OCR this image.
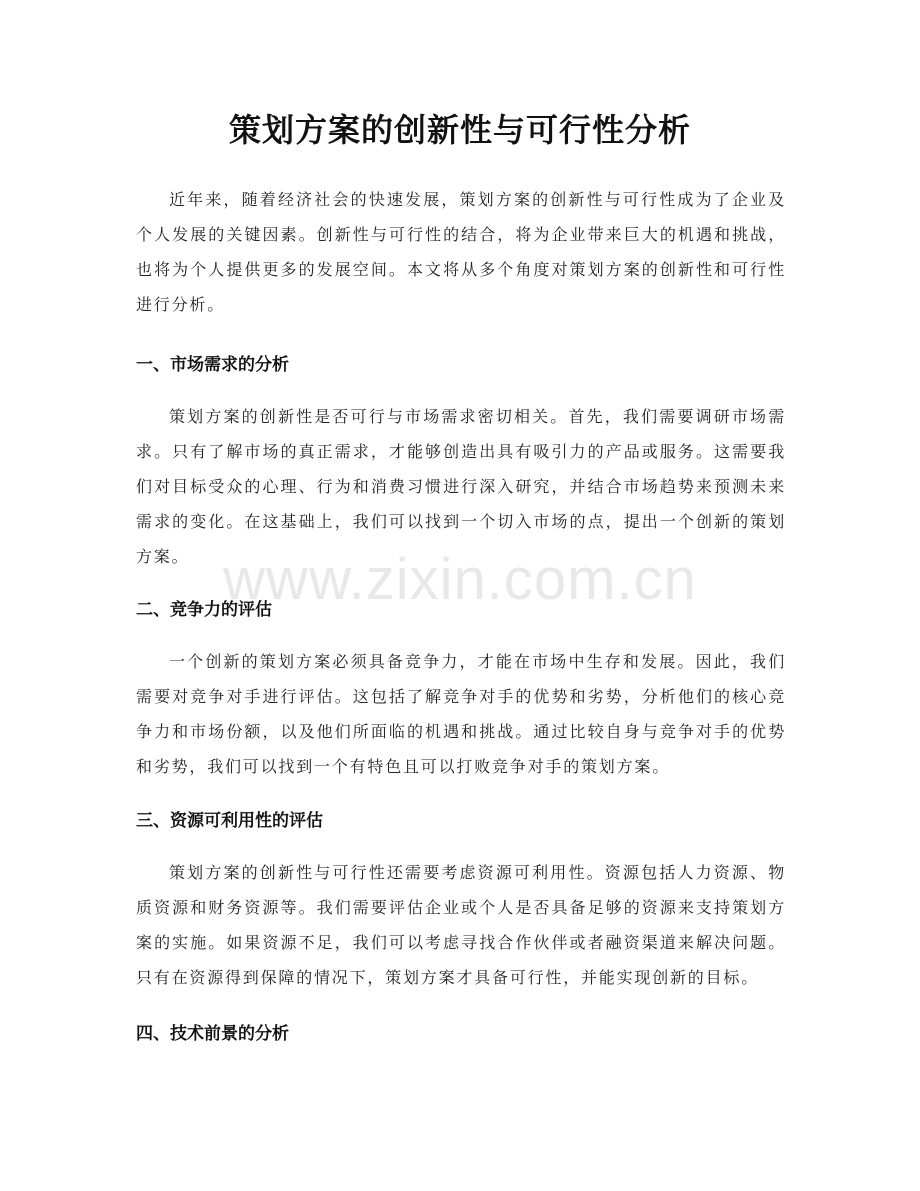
策划方案的创新性与可行性分析

近年来，随着经济社会的快速发展，策划方案的创新性与可行性成为了企业及个人发展的关键因素。创新性与可行性的结合，将为企业带来巨大的机遇和挑战，也将为个人提供更多的发展空间。本文将从多个角度对策划方案的创新性和可行性进行分析。

一、市场需求的分析

策划方案的创新性是否可行与市场需求密切相关。首先，我们需要调研市场需求。只有了解市场的真正需求，才能够创造出具有吸引力的产品或服务。这需要我们对目标受众的心理、行为和消费习惯进行深入研究，并结合市场趋势来预测未来需求的变化。在这基础上，我们可以找到一个切入市场的点，提出一个创新的策划方案。

二、竞争力的评估

一个创新的策划方案必须具备竞争力，才能在市场中生存和发展。因此，我们需要对竞争对手进行评估。这包括了解竞争对手的优势和劣势，分析他们的核心竞争力和市场份额，以及他们所面临的机遇和挑战。通过比较自身与竞争对手的优势和劣势，我们可以找到一个有特色且可以打败竞争对手的策划方案。

三、资源可利用性的评估

策划方案的创新性与可行性还需要考虑资源可利用性。资源包括人力资源、物质资源和财务资源等。我们需要评估企业或个人是否具备足够的资源来支持策划方案的实施。如果资源不足，我们可以考虑寻找合作伙伴或者融资渠道来解决问题。只有在资源得到保障的情况下，策划方案才具备可行性，并能实现创新的目标。

四、技术前景的分析
www.zixin.com.cn
